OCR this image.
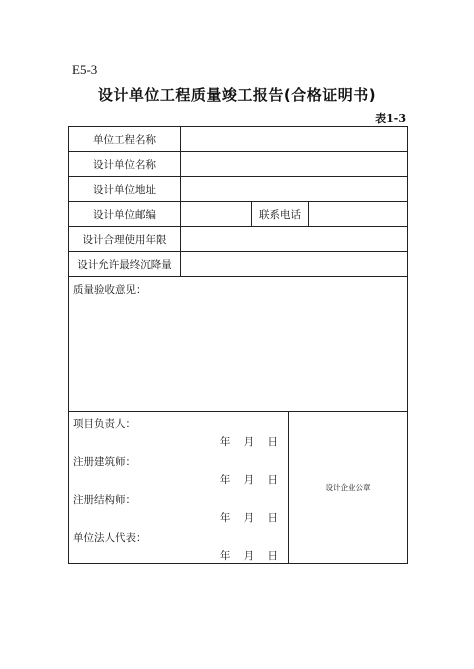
E5-3
设计单位工程质量竣工报告(合格证明书)
表1-3
单位工程名称
设计单位名称
设计单位地址
设计单位邮编	联系电话
设计合理使用年限
设计允许最终沉降量
质量验收意见：
项目负责人：
年 月 日
注册建筑师：
年 月 日
注册结构师：
年 月 日
单位法人代表：
年 月 日
设计企业公章
